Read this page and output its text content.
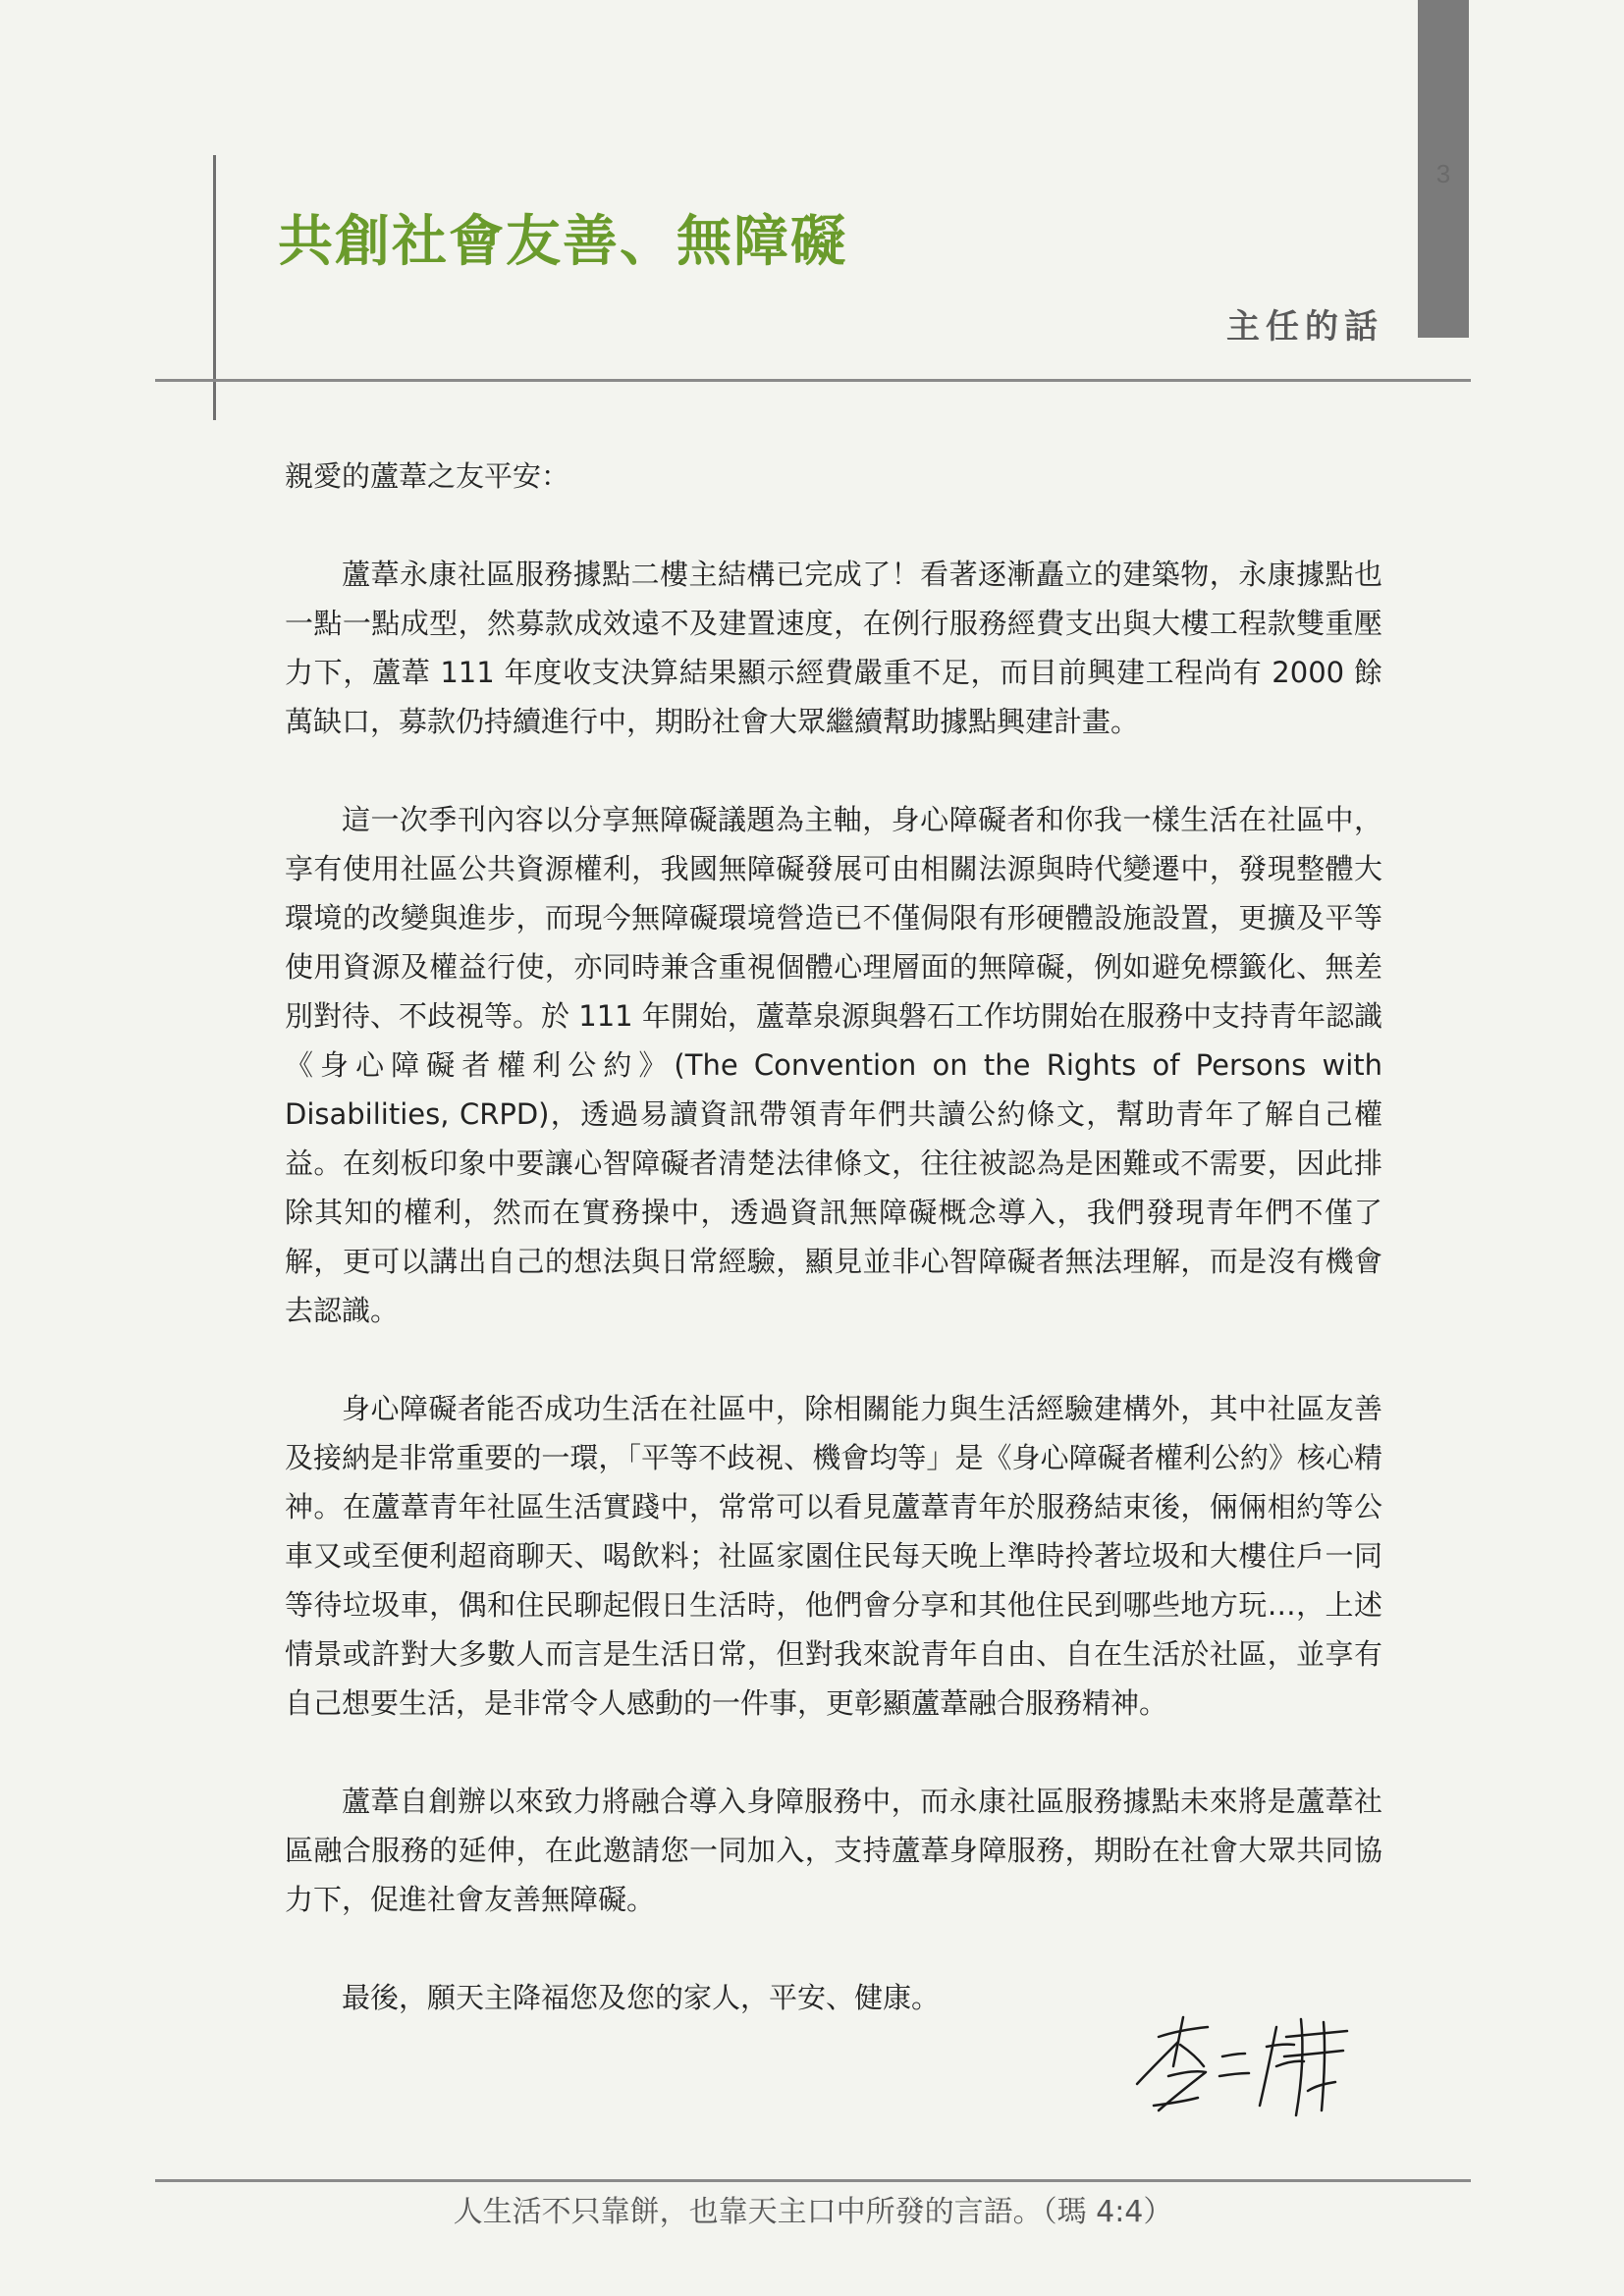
3
共創社會友善、無障礙
主任的話

親愛的蘆葦之友平安：

蘆葦永康社區服務據點二樓主結構已完成了！看著逐漸矗立的建築物，永康據點也一點一點成型，然募款成效遠不及建置速度，在例行服務經費支出與大樓工程款雙重壓力下，蘆葦 111 年度收支決算結果顯示經費嚴重不足，而目前興建工程尚有 2000 餘萬缺口，募款仍持續進行中，期盼社會大眾繼續幫助據點興建計畫。

這一次季刊內容以分享無障礙議題為主軸，身心障礙者和你我一樣生活在社區中，享有使用社區公共資源權利，我國無障礙發展可由相關法源與時代變遷中，發現整體大環境的改變與進步，而現今無障礙環境營造已不僅侷限有形硬體設施設置，更擴及平等使用資源及權益行使，亦同時兼含重視個體心理層面的無障礙，例如避免標籤化、無差別對待、不歧視等。於 111 年開始，蘆葦泉源與磐石工作坊開始在服務中支持青年認識《身心障礙者權利公約》(The Convention on the Rights of Persons with Disabilities, CRPD)，透過易讀資訊帶領青年們共讀公約條文，幫助青年了解自己權益。在刻板印象中要讓心智障礙者清楚法律條文，往往被認為是困難或不需要，因此排除其知的權利，然而在實務操中，透過資訊無障礙概念導入，我們發現青年們不僅了解，更可以講出自己的想法與日常經驗，顯見並非心智障礙者無法理解，而是沒有機會去認識。

身心障礙者能否成功生活在社區中，除相關能力與生活經驗建構外，其中社區友善及接納是非常重要的一環，「平等不歧視、機會均等」是《身心障礙者權利公約》核心精神。在蘆葦青年社區生活實踐中，常常可以看見蘆葦青年於服務結束後，倆倆相約等公車又或至便利超商聊天、喝飲料；社區家園住民每天晚上準時拎著垃圾和大樓住戶一同等待垃圾車，偶和住民聊起假日生活時，他們會分享和其他住民到哪些地方玩…，上述情景或許對大多數人而言是生活日常，但對我來說青年自由、自在生活於社區，並享有自己想要生活，是非常令人感動的一件事，更彰顯蘆葦融合服務精神。

蘆葦自創辦以來致力將融合導入身障服務中，而永康社區服務據點未來將是蘆葦社區融合服務的延伸，在此邀請您一同加入，支持蘆葦身障服務，期盼在社會大眾共同協力下，促進社會友善無障礙。

最後，願天主降福您及您的家人，平安、健康。

人生活不只靠餅，也靠天主口中所發的言語。（瑪 4:4）
